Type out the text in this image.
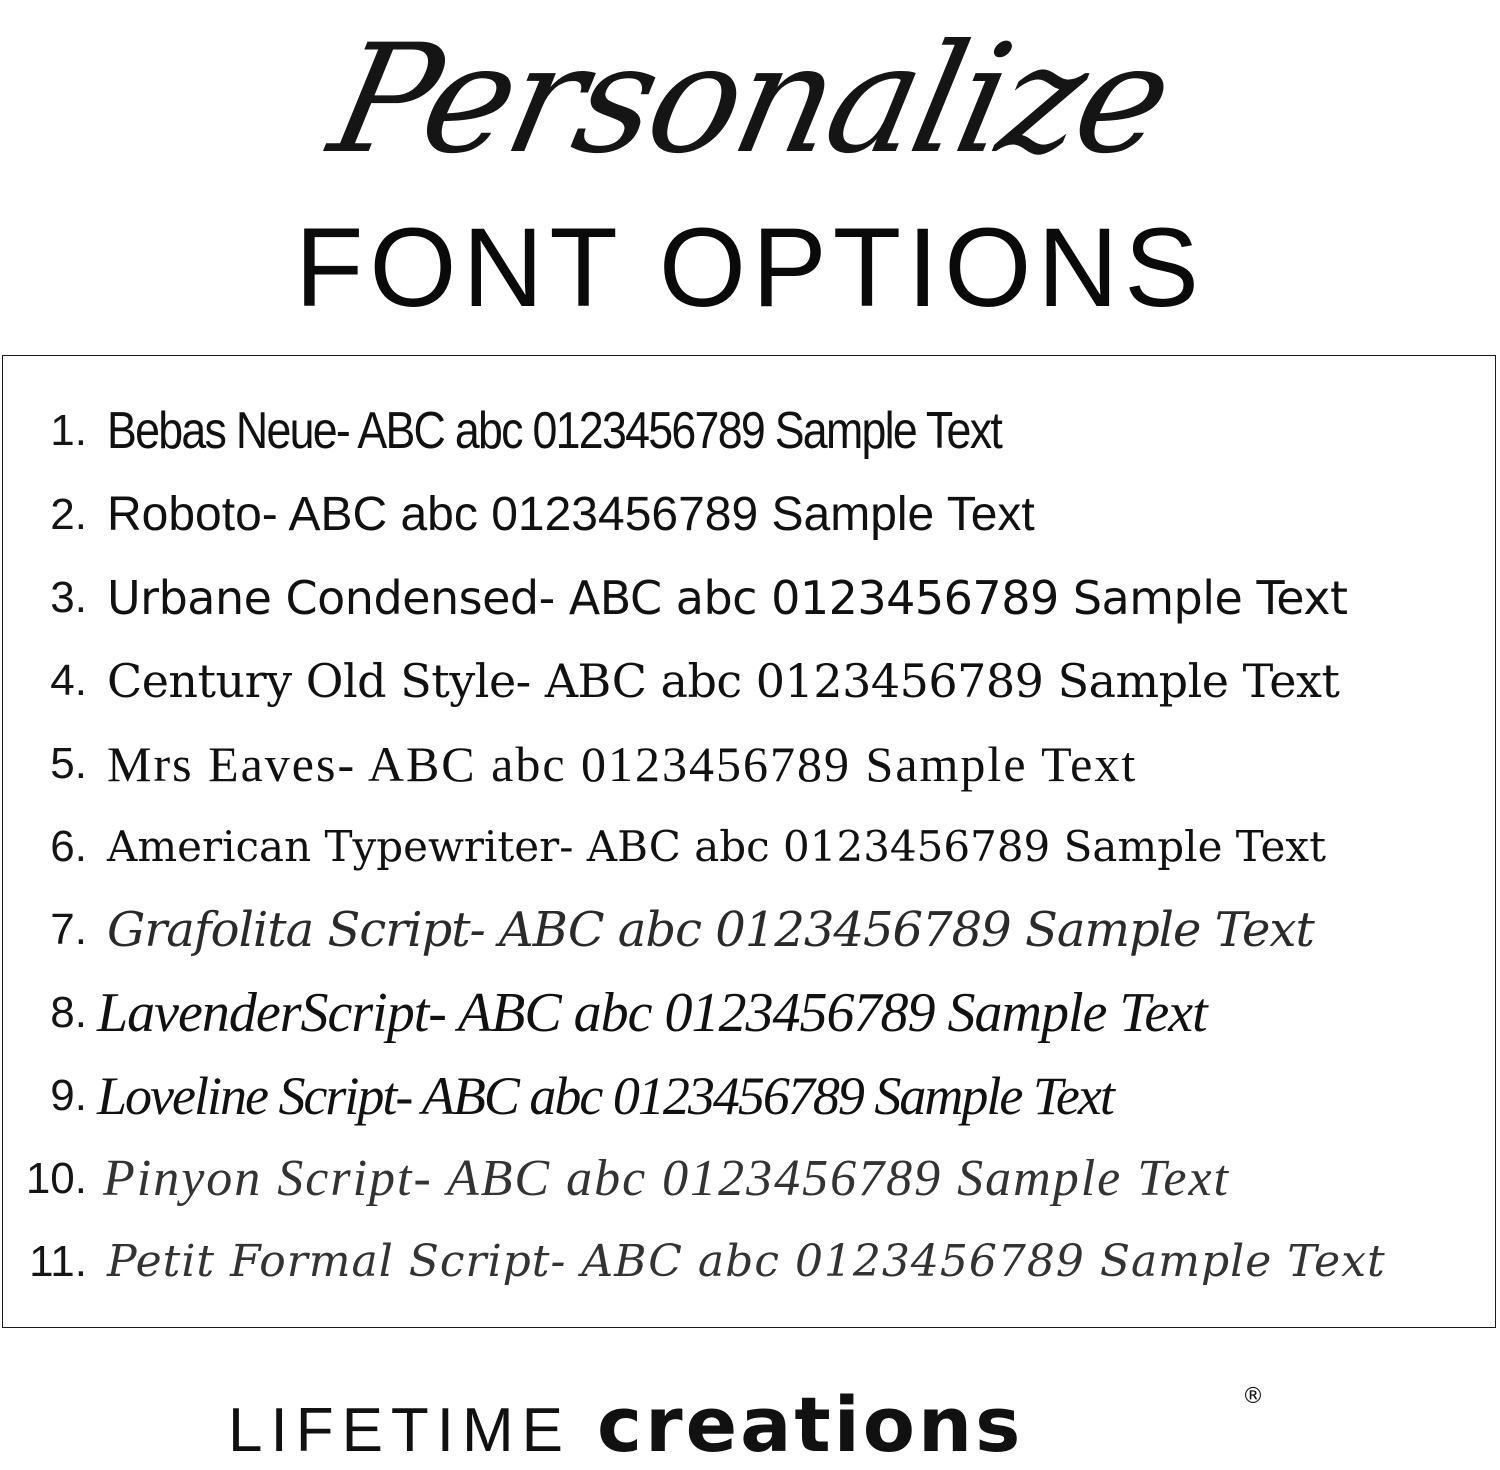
Personalize
FONT OPTIONS
1. Bebas Neue- ABC abc 0123456789 Sample Text
2. Roboto- ABC abc 0123456789 Sample Text
3. Urbane Condensed- ABC abc 0123456789 Sample Text
4. Century Old Style- ABC abc 0123456789 Sample Text
5. Mrs Eaves- ABC abc 0123456789 Sample Text
6. American Typewriter- ABC abc 0123456789 Sample Text
7. Grafolita Script- ABC abc 0123456789 Sample Text
8. LavenderScript- ABC abc 0123456789 Sample Text
9. Loveline Script- ABC abc 0123456789 Sample Text
10. Pinyon Script- ABC abc 0123456789 Sample Text
11. Petit Formal Script- ABC abc 0123456789 Sample Text
LIFETIME creations	®
